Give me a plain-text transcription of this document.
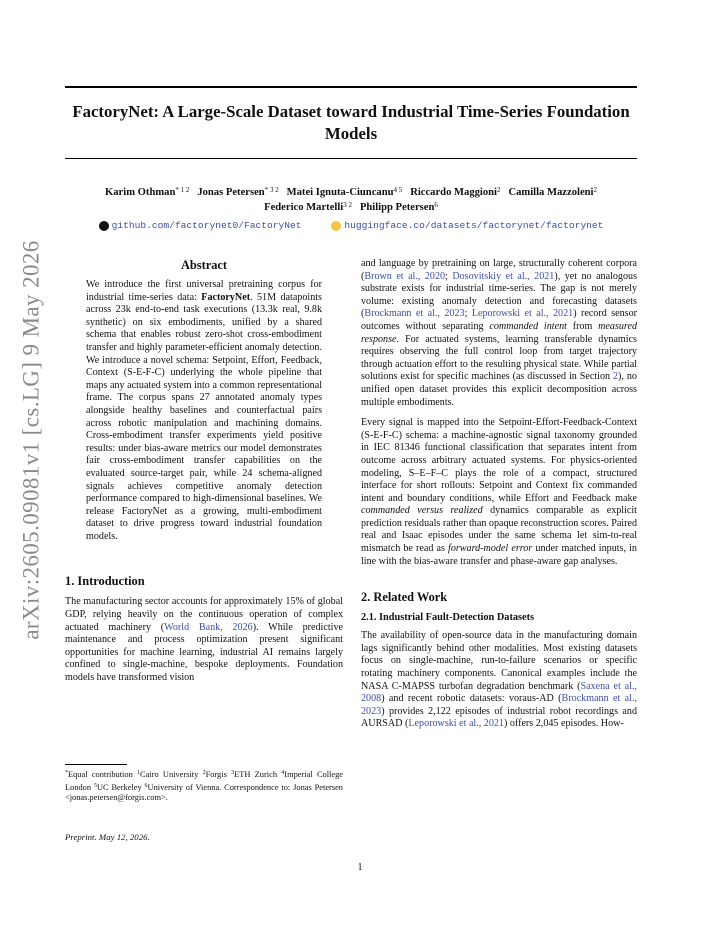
arXiv:2605.09081v1 [cs.LG] 9 May 2026
FactoryNet: A Large-Scale Dataset toward Industrial Time-Series Foundation
Models
Karim Othman$^{* 1 2}$ Jonas Petersen$^{* 3 2}$ Matei Ignuta-Ciuncanu$^{4 5}$ Riccardo Maggioni$^2$ Camilla Mazzoleni$^2$
Federico Martelli$^{3 2}$ Philipp Petersen$^6$
github.com/factorynet0/FactoryNet
	huggingface.co/datasets/factorynet/factorynet
Abstract

We introduce the first universal pretraining corpus for industrial time-series data: FactoryNet. 51M datapoints across 23k end-to-end task executions (13.3k real, 9.8k synthetic) on six embodiments, unified by a shared schema that enables robust zero-shot cross-embodiment transfer and highly parameter-efficient anomaly detection. We introduce a novel schema: Setpoint, Effort, Feedback, Context (S-E-F-C) underlying the whole pipeline that maps any actuated system into a common representational frame. The corpus spans 27 annotated anomaly types alongside healthy baselines and counterfactual pairs across robotic manipulation and machining domains. Cross-embodiment transfer experiments yield positive results: under bias-aware metrics our model demonstrates fair cross-embodiment transfer capabilities on the evaluated source-target pair, while 24 schema-aligned signals achieves competitive anomaly detection performance compared to high-dimensional baselines. We release FactoryNet as a growing, multi-embodiment dataset to drive progress toward industrial foundation models.

1. Introduction

The manufacturing sector accounts for approximately 15% of global GDP, relying heavily on the continuous operation of complex actuated machinery (World Bank, 2026). While predictive maintenance and process optimization present significant opportunities for machine learning, industrial AI remains largely confined to single-machine, bespoke deployments. Foundation models have transformed vision

*Equal contribution $^1$Cairo University $^2$Forgis $^3$ETH Zurich $^4$Imperial College London $^5$UC Berkeley $^6$University of Vienna. Correspondence to: Jonas Petersen <jonas.petersen@forgis.com>.
Preprint. May 12, 2026.

and language by pretraining on large, structurally coherent corpora (Brown et al., 2020; Dosovitskiy et al., 2021), yet no analogous substrate exists for industrial time-series. The gap is not merely volume: existing anomaly detection and forecasting datasets (Brockmann et al., 2023; Leporowski et al., 2021) record sensor outcomes without separating commanded intent from measured response. For actuated systems, learning transferable dynamics requires observing the full control loop from target trajectory through actuation effort to the resulting physical state. While partial solutions exist for specific machines (as discussed in Section 2), no unified open dataset provides this explicit decomposition across multiple embodiments.

Every signal is mapped into the Setpoint-Effort-Feedback-Context (S-E-F-C) schema: a machine-agnostic signal taxonomy grounded in IEC 81346 functional classification that separates intent from outcome across arbitrary actuated systems. For physics-oriented modeling, S–E–F–C plays the role of a compact, structured interface for short rollouts: Setpoint and Context fix commanded intent and boundary conditions, while Effort and Feedback make commanded versus realized dynamics comparable as explicit prediction residuals rather than opaque reconstruction scores. Paired real and Isaac episodes under the same schema let sim-to-real mismatch be read as forward-model error under matched inputs, in line with the bias-aware transfer and phase-aware gap analyses.

2. Related Work
2.1. Industrial Fault-Detection Datasets

The availability of open-source data in the manufacturing domain lags significantly behind other modalities. Most existing datasets focus on single-machine, run-to-failure scenarios or specific rotating machinery components. Canonical examples include the NASA C-MAPSS turbofan degradation benchmark (Saxena et al., 2008) and recent robotic datasets: voraus-AD (Brockmann et al., 2023) provides 2,122 episodes of industrial robot recordings and AURSAD (Leporowski et al., 2021) offers 2,045 episodes. How-

1
